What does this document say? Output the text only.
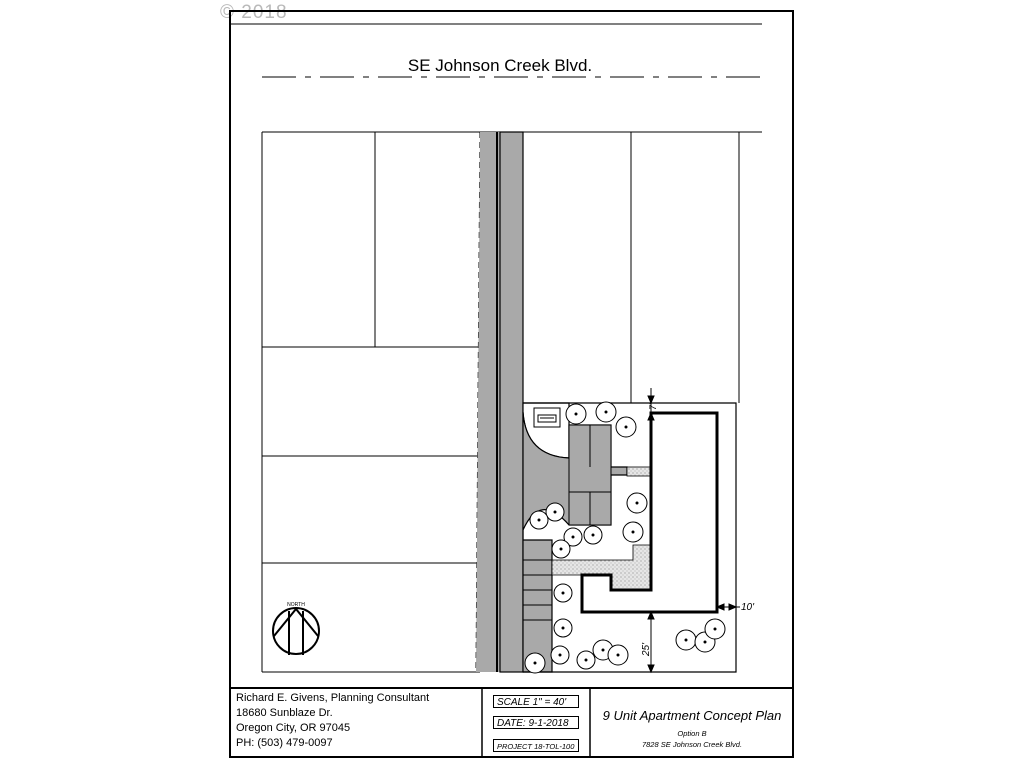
© 2018
7'
10'
25'
NORTH
SE Johnson Creek Blvd.
Richard E. Givens, Planning Consultant
18680 Sunblaze Dr.
Oregon City, OR 97045
PH: (503) 479-0097
SCALE 1" = 40'
DATE: 9-1-2018
PROJECT 18-TOL-100
9 Unit Apartment Concept Plan
Option B
7828 SE Johnson Creek Blvd.
